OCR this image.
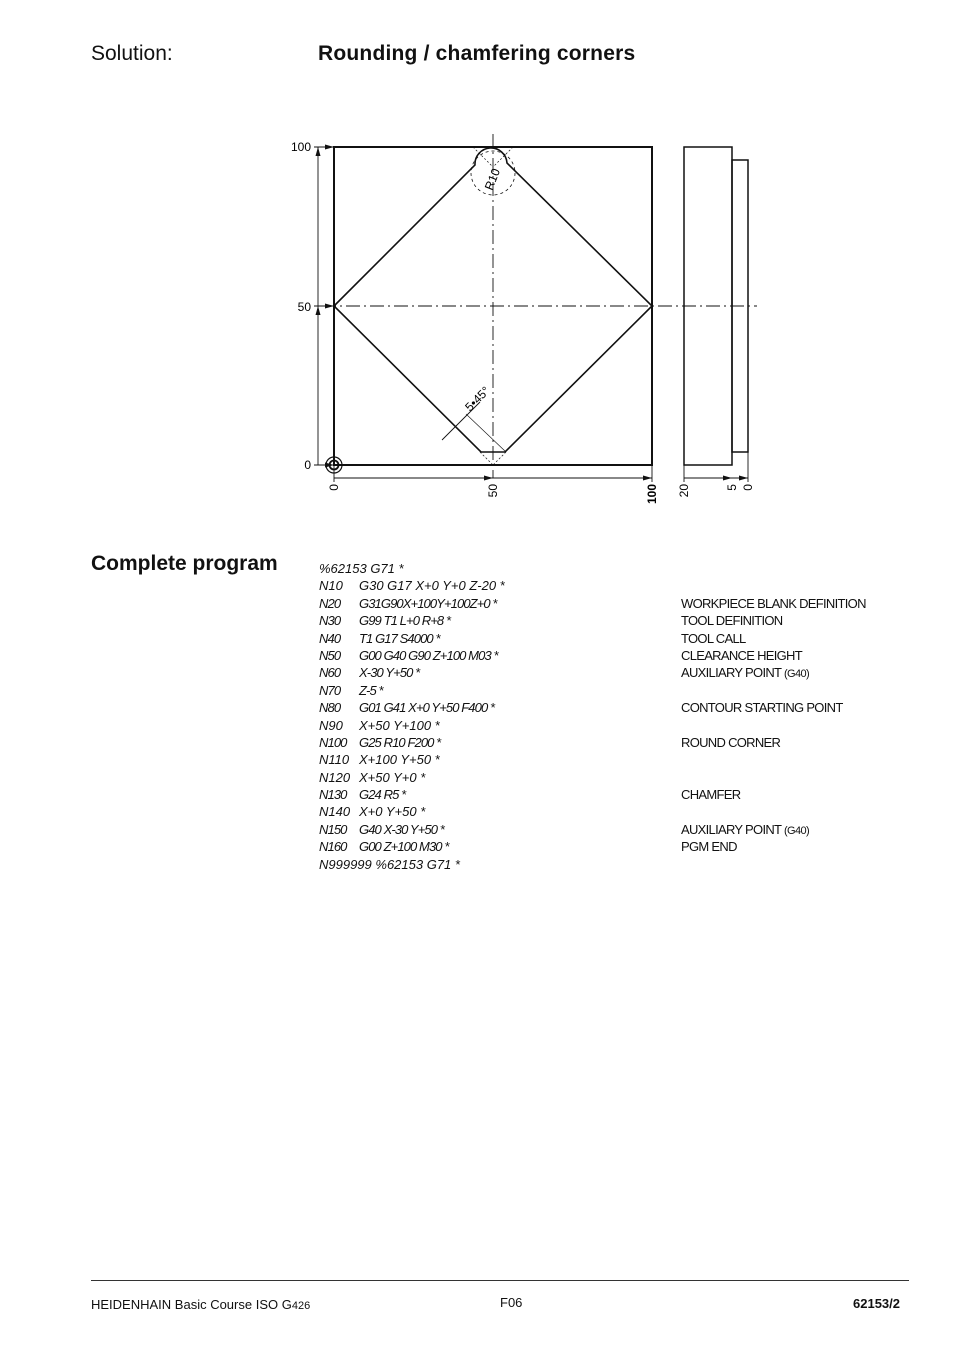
Solution:	Rounding / chamfering corners
100
50
0
0	50	100 20	5 0
R10
5•45°
Complete program	%62153 G71 *
N10 G30 G17 X+0 Y+0 Z-20 *
N20 G31G90X+100Y+100Z+0 *	WORKPIECE BLANK DEFINITION
N30 G99 T1 L+0 R+8 *	TOOL DEFINITION
N40 T1 G17 S4000 *	TOOL CALL
N50 G00 G40 G90 Z+100 M03 *	CLEARANCE HEIGHT
N60 X-30 Y+50 *	AUXILIARY POINT (G40)
N70 Z-5 *
N80 G01 G41 X+0 Y+50 F400 *	CONTOUR STARTING POINT
N90 X+50 Y+100 *
N100 G25 R10 F200 *	ROUND CORNER
N110 X+100 Y+50 *
N120 X+50 Y+0 *
N130 G24 R5 *	CHAMFER
N140 X+0 Y+50 *
N150 G40 X-30 Y+50 *	AUXILIARY POINT (G40)
N160 G00 Z+100 M30 *	PGM END
N999999 %62153 G71 *
HEIDENHAIN Basic Course ISO G426	F06	62153/2
